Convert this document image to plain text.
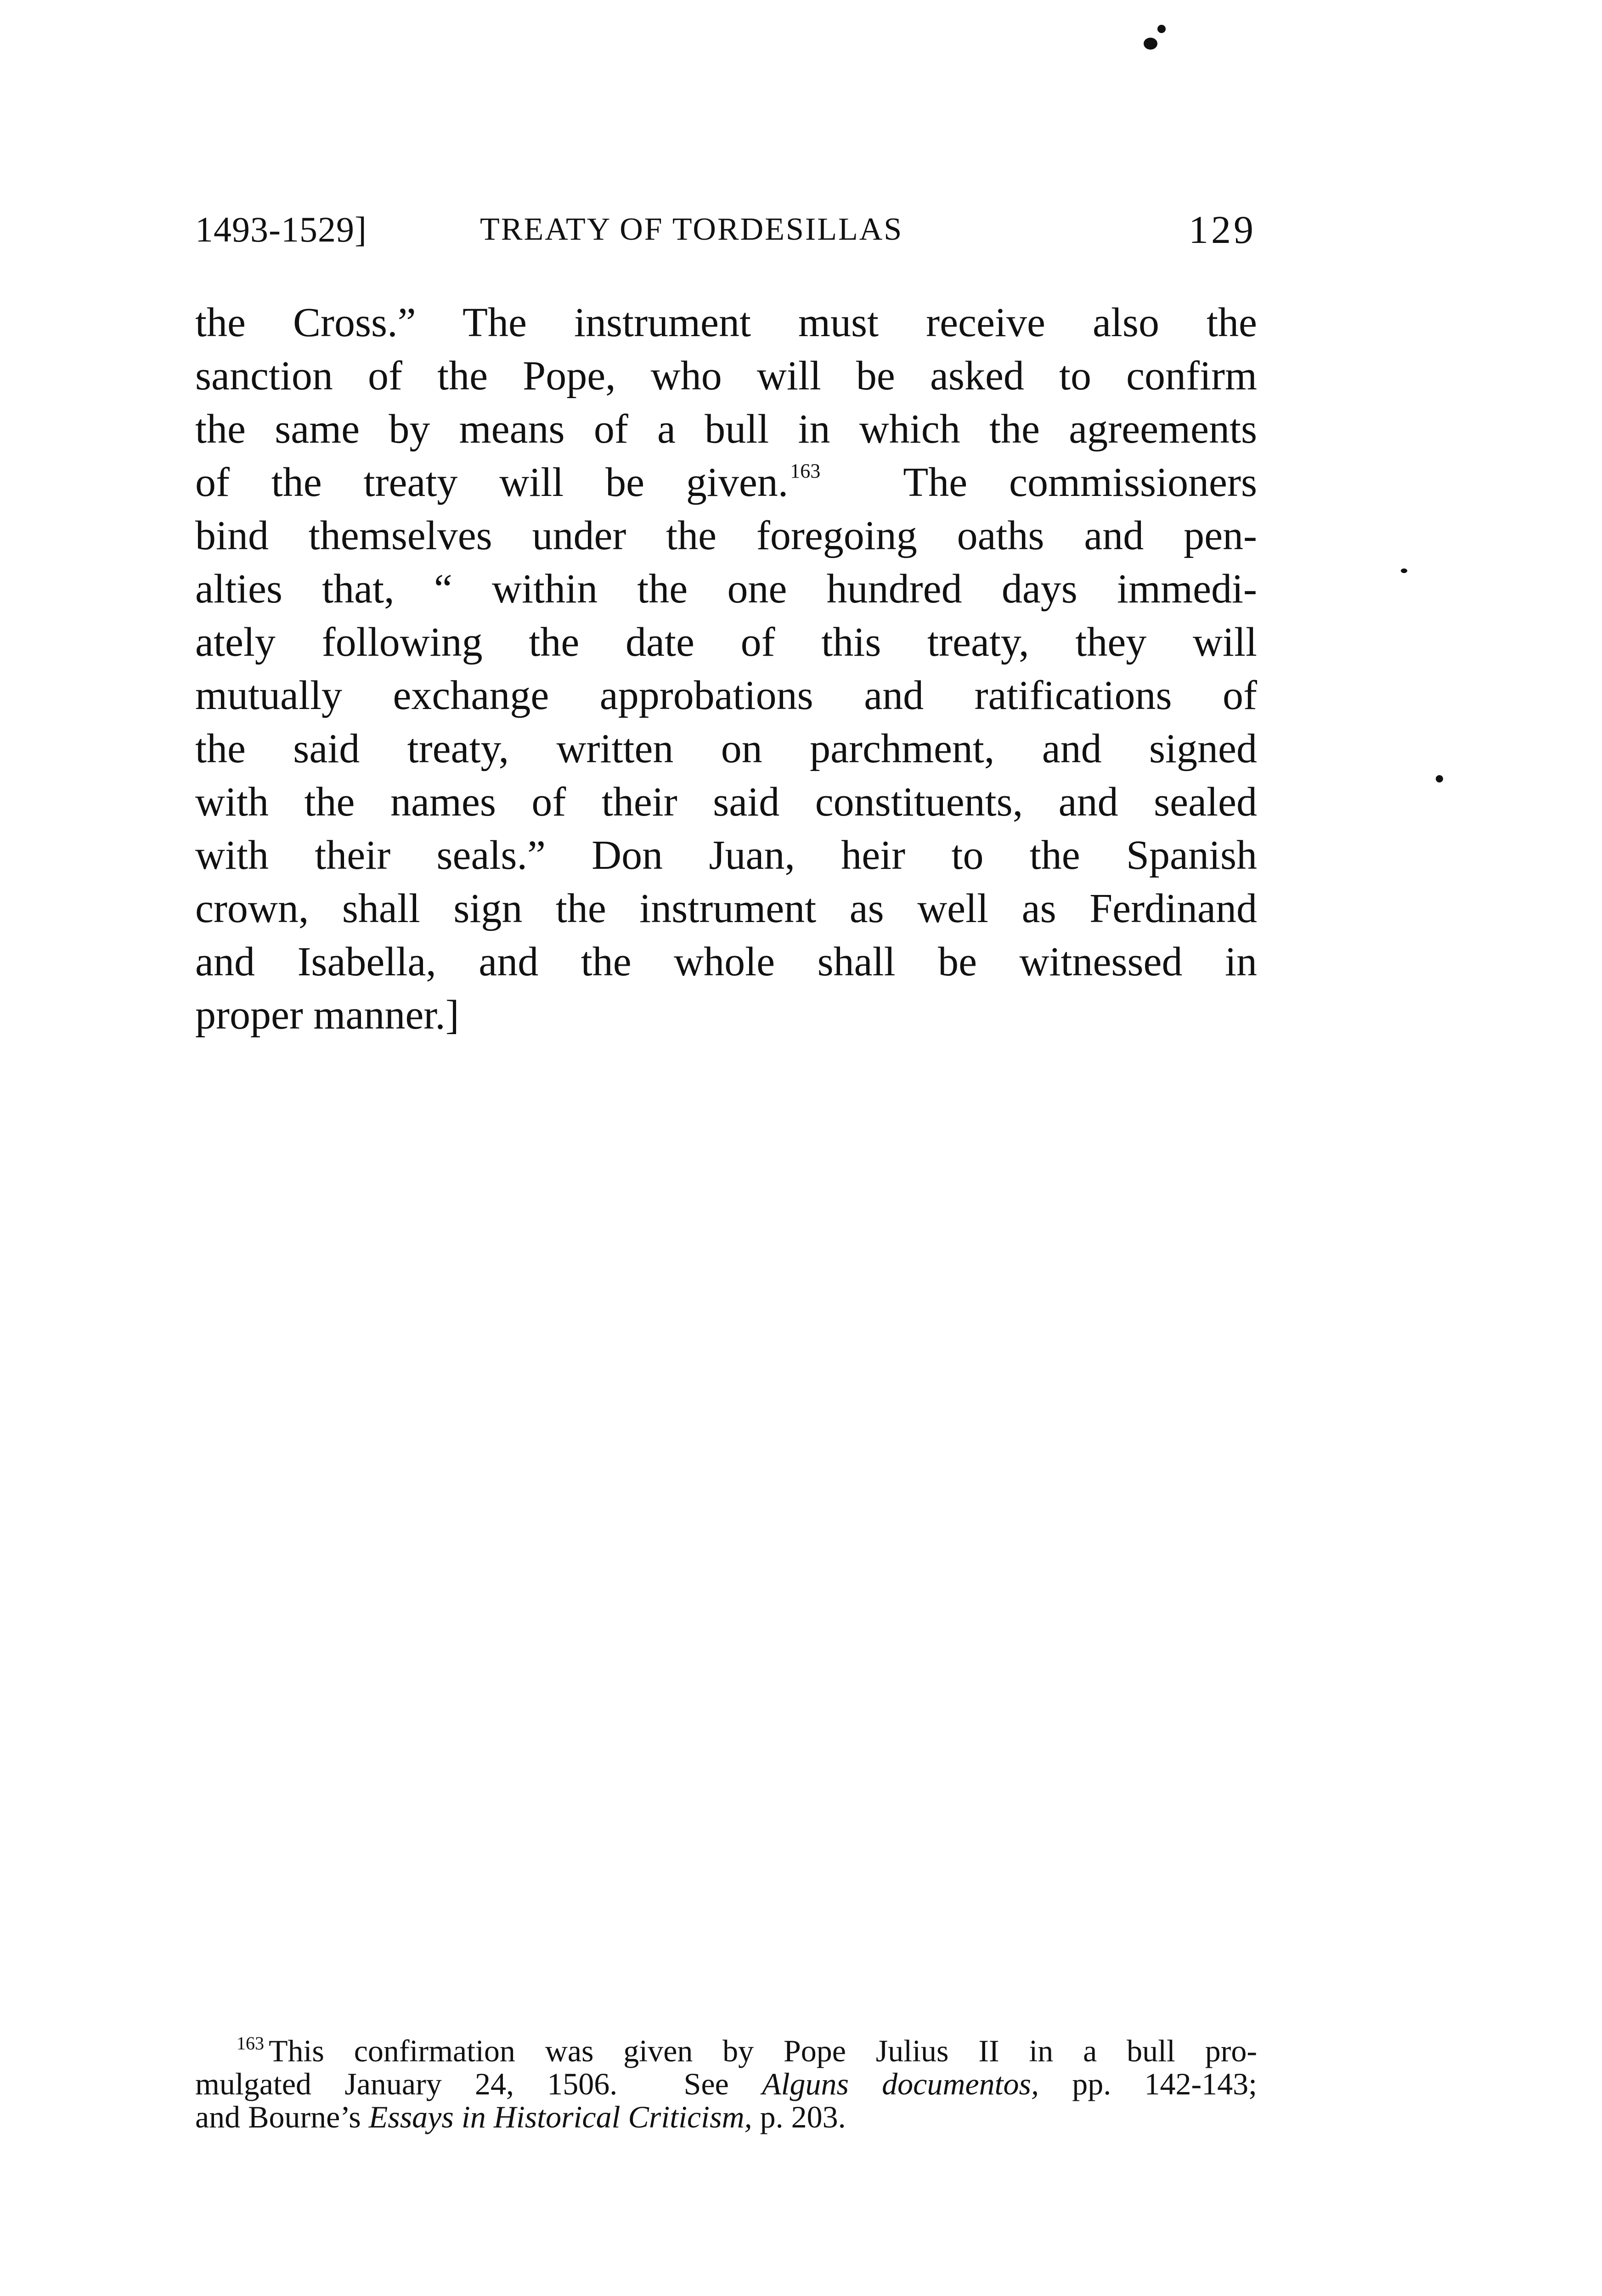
1493-1529]	TREATY OF TORDESILLAS	129
the Cross.” The instrument must receive also the
sanction of the Pope, who will be asked to confirm
the same by means of a bull in which the agreements
of the treaty will be given.$^{163}$  The commissioners
bind themselves under the foregoing oaths and pen-
alties that, “ within the one hundred days immedi-
ately following the date of this treaty, they will
mutually exchange approbations and ratifications of
the said treaty, written on parchment, and signed
with the names of their said constituents, and sealed
with their seals.” Don Juan, heir to the Spanish
crown, shall sign the instrument as well as Ferdinand
and Isabella, and the whole shall be witnessed in
proper manner.]
$^{163}$ This confirmation was given by Pope Julius II in a bull pro-
mulgated January 24, 1506.  See Alguns documentos, pp. 142-143;
and Bourne’s Essays in Historical Criticism, p. 203.
